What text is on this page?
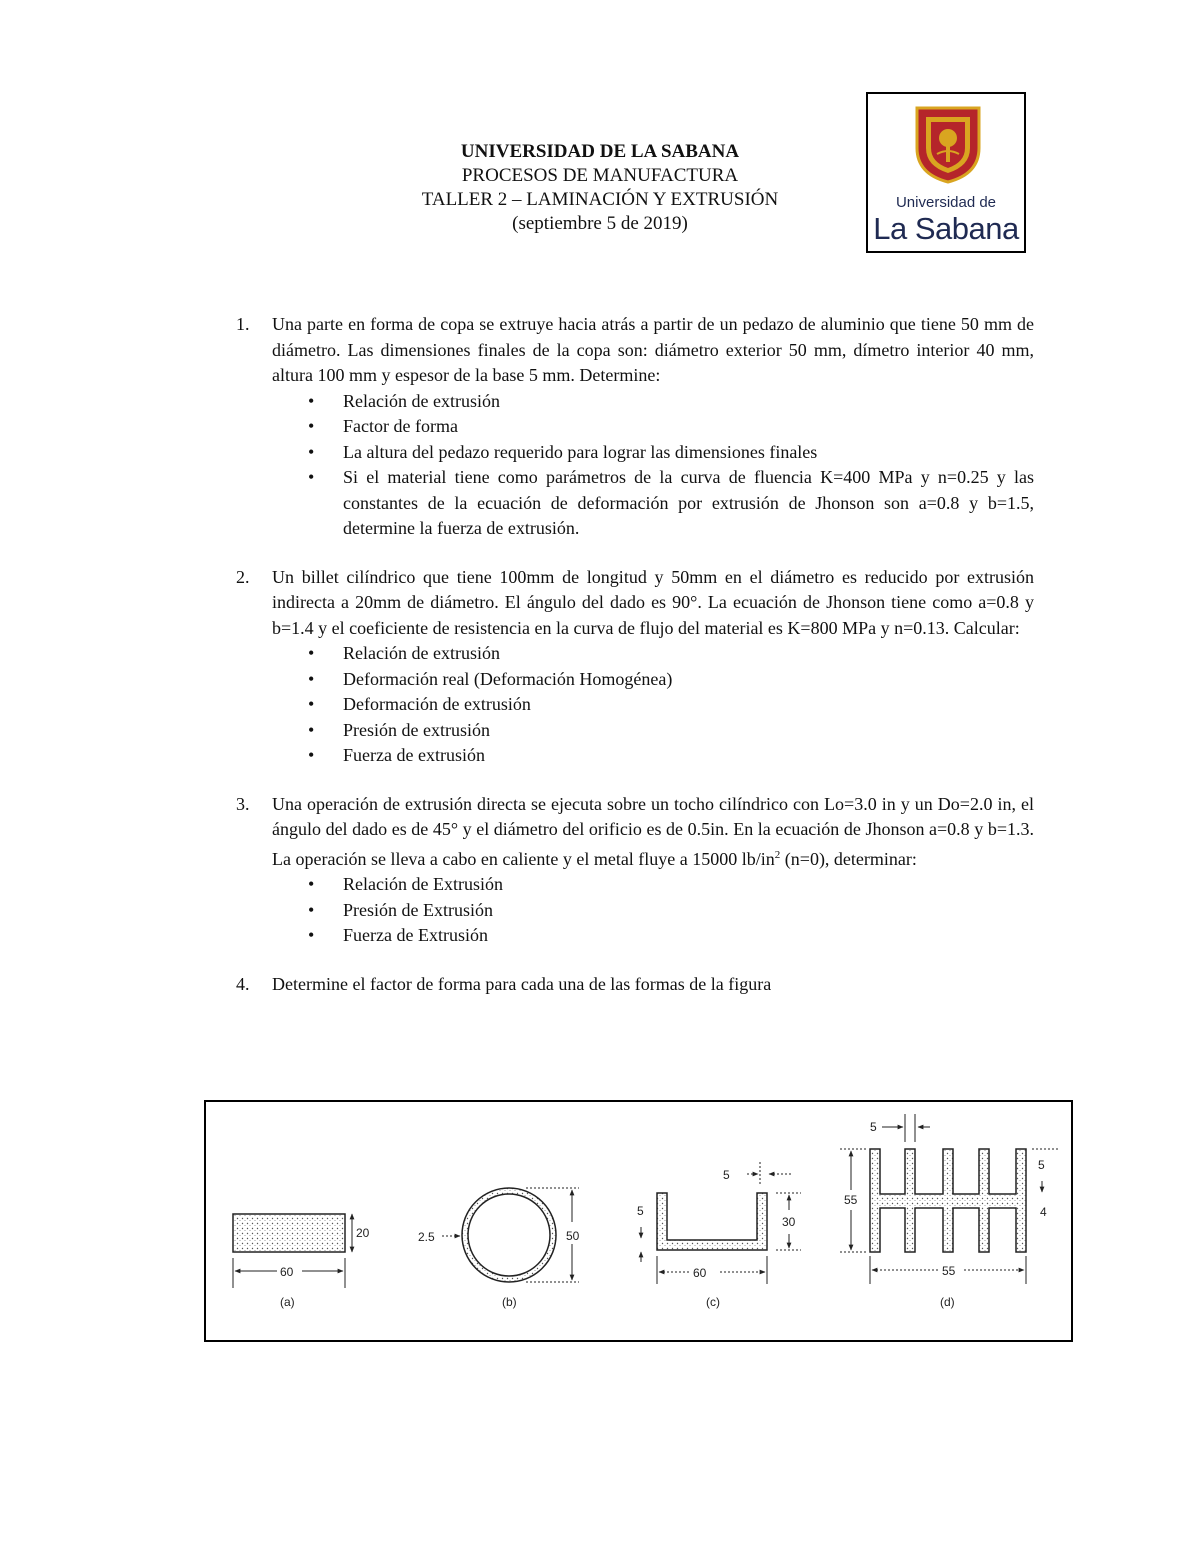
UNIVERSIDAD DE LA SABANA
PROCESOS DE MANUFACTURA
TALLER 2 – LAMINACIÓN Y EXTRUSIÓN
(septiembre 5 de 2019)
Universidad de
La Sabana
1. Una parte en forma de copa se extruye hacia atrás a partir de un pedazo de aluminio que tiene 50 mm de diámetro. Las dimensiones finales de la copa son: diámetro exterior 50 mm, dímetro interior 40 mm, altura 100 mm y espesor de la base 5 mm. Determine:

• Relación de extrusión
• Factor de forma
• La altura del pedazo requerido para lograr las dimensiones finales
• Si el material tiene como parámetros de la curva de fluencia K=400 MPa y n=0.25 y las constantes de la ecuación de deformación por extrusión de Jhonson son a=0.8 y b=1.5, determine la fuerza de extrusión.
2. Un billet cilíndrico que tiene 100mm de longitud y 50mm en el diámetro es reducido por extrusión indirecta a 20mm de diámetro. El ángulo del dado es 90°. La ecuación de Jhonson tiene como a=0.8 y b=1.4 y el coeficiente de resistencia en la curva de flujo del material es K=800 MPa y n=0.13. Calcular:

• Relación de extrusión
• Deformación real (Deformación Homogénea)
• Deformación de extrusión
• Presión de extrusión
• Fuerza de extrusión
3. Una operación de extrusión directa se ejecuta sobre un tocho cilíndrico con Lo=3.0 in y un Do=2.0 in, el ángulo del dado es de 45° y el diámetro del orificio es de 0.5in. En la ecuación de Jhonson a=0.8 y b=1.3. La operación se lleva a cabo en caliente y el metal fluye a 15000 $lb/in^2$ (n=0), determinar:

• Relación de Extrusión
• Presión de Extrusión
• Fuerza de Extrusión
4. Determine el factor de forma para cada una de las formas de la figura

20
60
(a)
2.5	50
(b)
5
30
5
60
(c)
5
55
5
4
55
(d)
